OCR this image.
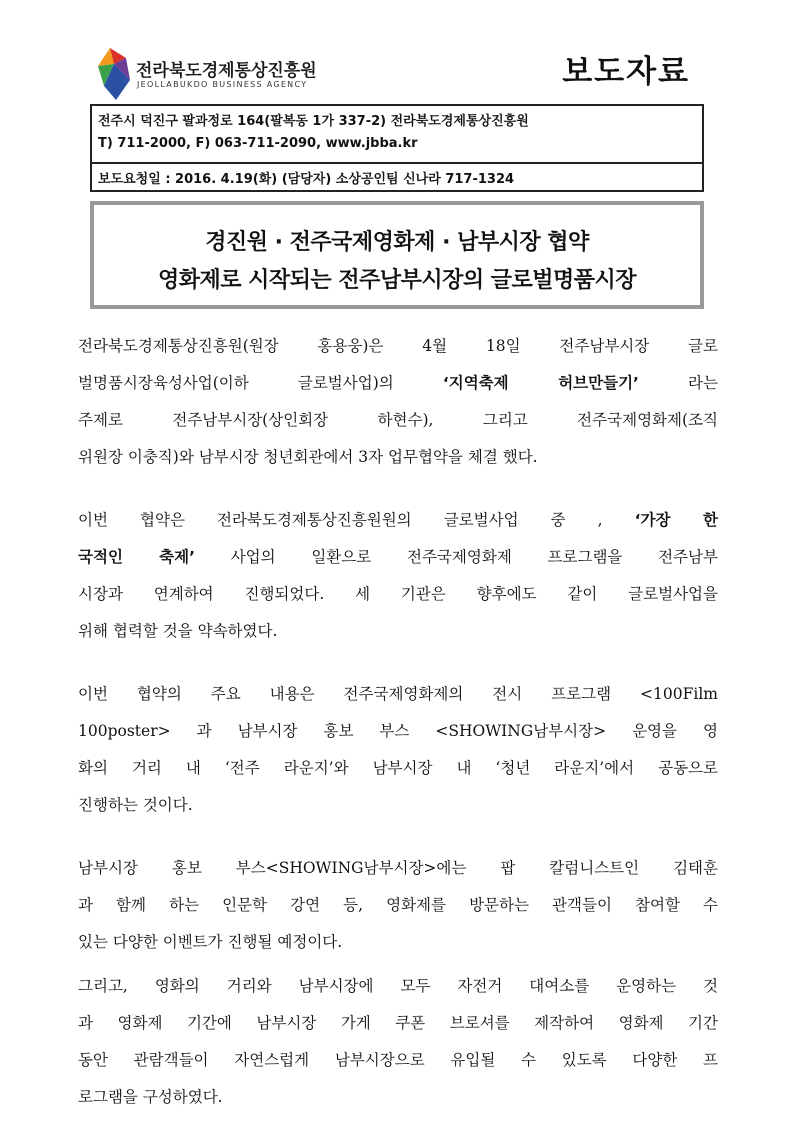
전라북도경제통상진흥원
JEOLLABUKDO BUSINESS AGENCY	보도자료
전주시 덕진구 팔과정로 164(팔복동 1가 337-2) 전라북도경제통상진흥원
T) 711-2000, F) 063-711-2090, www.jbba.kr
보도요청일 : 2016. 4.19(화) (담당자) 소상공인팀 신나라 717-1324
경진원 · 전주국제영화제 · 남부시장 협약
영화제로 시작되는 전주남부시장의 글로벌명품시장
전라북도경제통상진흥원(원장 홍용웅)은 4월 18일 전주남부시장 글로
벌명품시장육성사업(이하 글로벌사업)의 ‘지역축제 허브만들기’ 라는
주제로 전주남부시장(상인회장 하현수), 그리고 전주국제영화제(조직
위원장 이충직)와 남부시장 청년회관에서 3자 업무협약을 체결 했다.
이번 협약은 전라북도경제통상진흥원원의 글로벌사업 중 , ‘가장 한
국적인 축제’ 사업의 일환으로 전주국제영화제 프로그램을 전주남부
시장과 연계하여 진행되었다. 세 기관은 향후에도 같이 글로벌사업을
위해 협력할 것을 약속하였다.
이번 협약의 주요 내용은 전주국제영화제의 전시 프로그램 <100Film
100poster> 과 남부시장 홍보 부스 <SHOWING남부시장> 운영을 영
화의 거리 내 ‘전주 라운지’와 남부시장 내 ‘청년 라운지’에서 공동으로
진행하는 것이다.
남부시장 홍보 부스<SHOWING남부시장>에는 팝 칼럼니스트인 김태훈
과 함께 하는 인문학 강연 등, 영화제를 방문하는 관객들이 참여할 수
있는 다양한 이벤트가 진행될 예정이다.
그리고, 영화의 거리와 남부시장에 모두 자전거 대여소를 운영하는 것
과 영화제 기간에 남부시장 가게 쿠폰 브로셔를 제작하여 영화제 기간
동안 관람객들이 자연스럽게 남부시장으로 유입될 수 있도록 다양한 프
로그램을 구성하였다.
